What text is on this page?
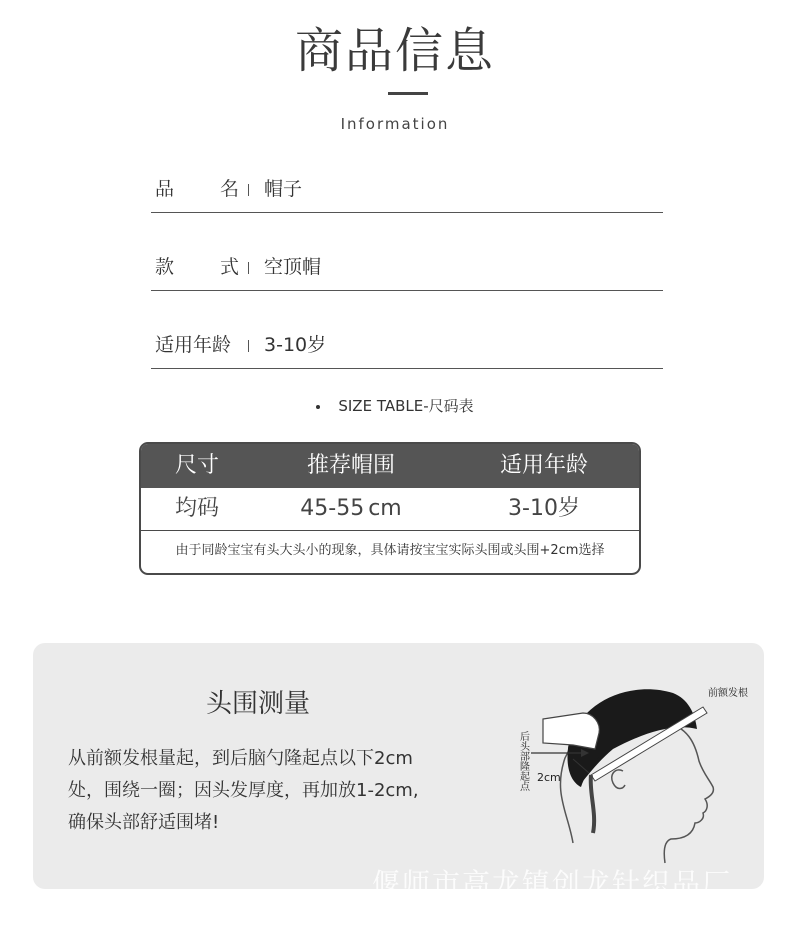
商品信息
Information
品 名 帽子
款 式 空顶帽
适用年龄	3-10岁
SIZE TABLE-尺码表
尺寸	推荐帽围	适用年龄
均码	45-55 cm	3-10岁
由于同龄宝宝有头大头小的现象，具体请按宝宝实际头围或头围+2cm选择
头围测量
从前额发根量起，到后脑勺隆起点以下2cm
处，围绕一圈；因头发厚度，再加放1-2cm,
确保头部舒适围堵!
前额发根
后头部隆起点 2cm
偃师市高龙镇创龙针织品厂
